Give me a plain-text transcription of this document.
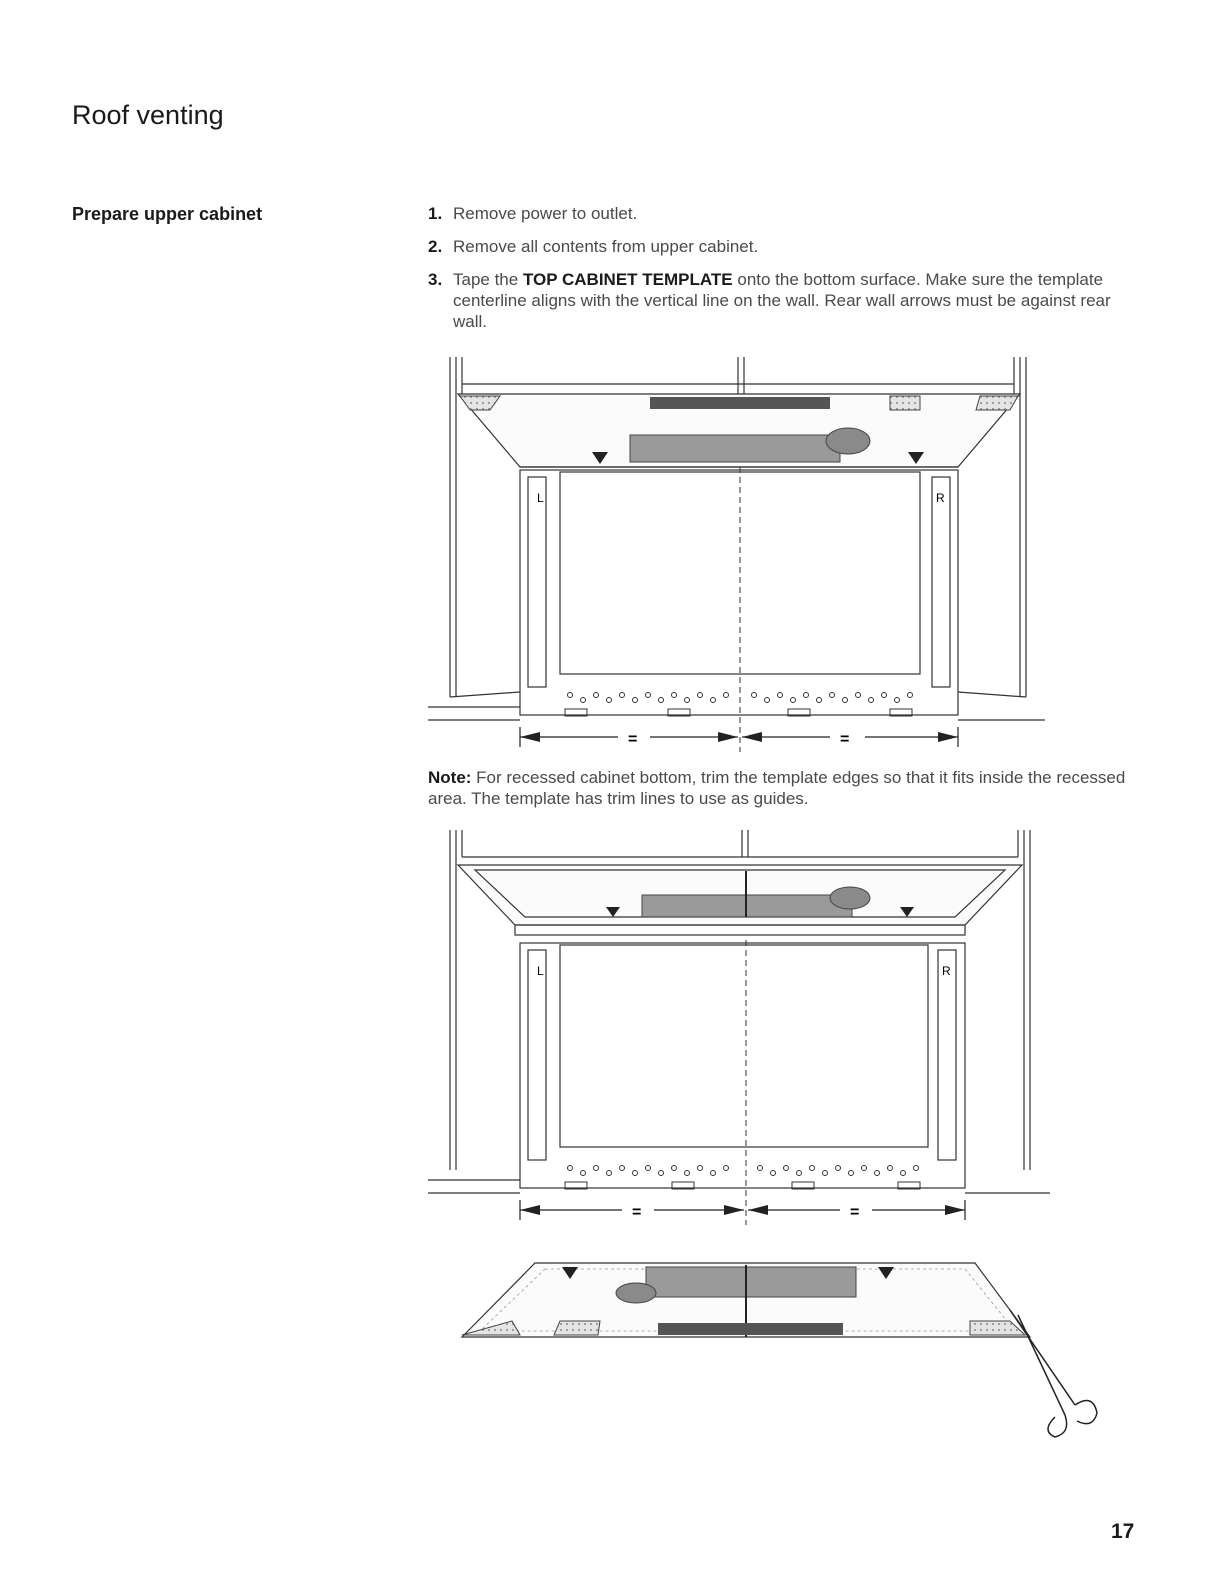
Roof venting
Prepare upper cabinet	1. Remove power to outlet.
2. Remove all contents from upper cabinet.
3. Tape the TOP CABINET TEMPLATE onto the bottom surface. Make sure the template centerline aligns with the vertical line on the wall. Rear wall arrows must be against rear wall.
L	R
=	=

Note: For recessed cabinet bottom, trim the template edges so that it fits inside the recessed area. The template has trim lines to use as guides.

L	R
=	=
17
